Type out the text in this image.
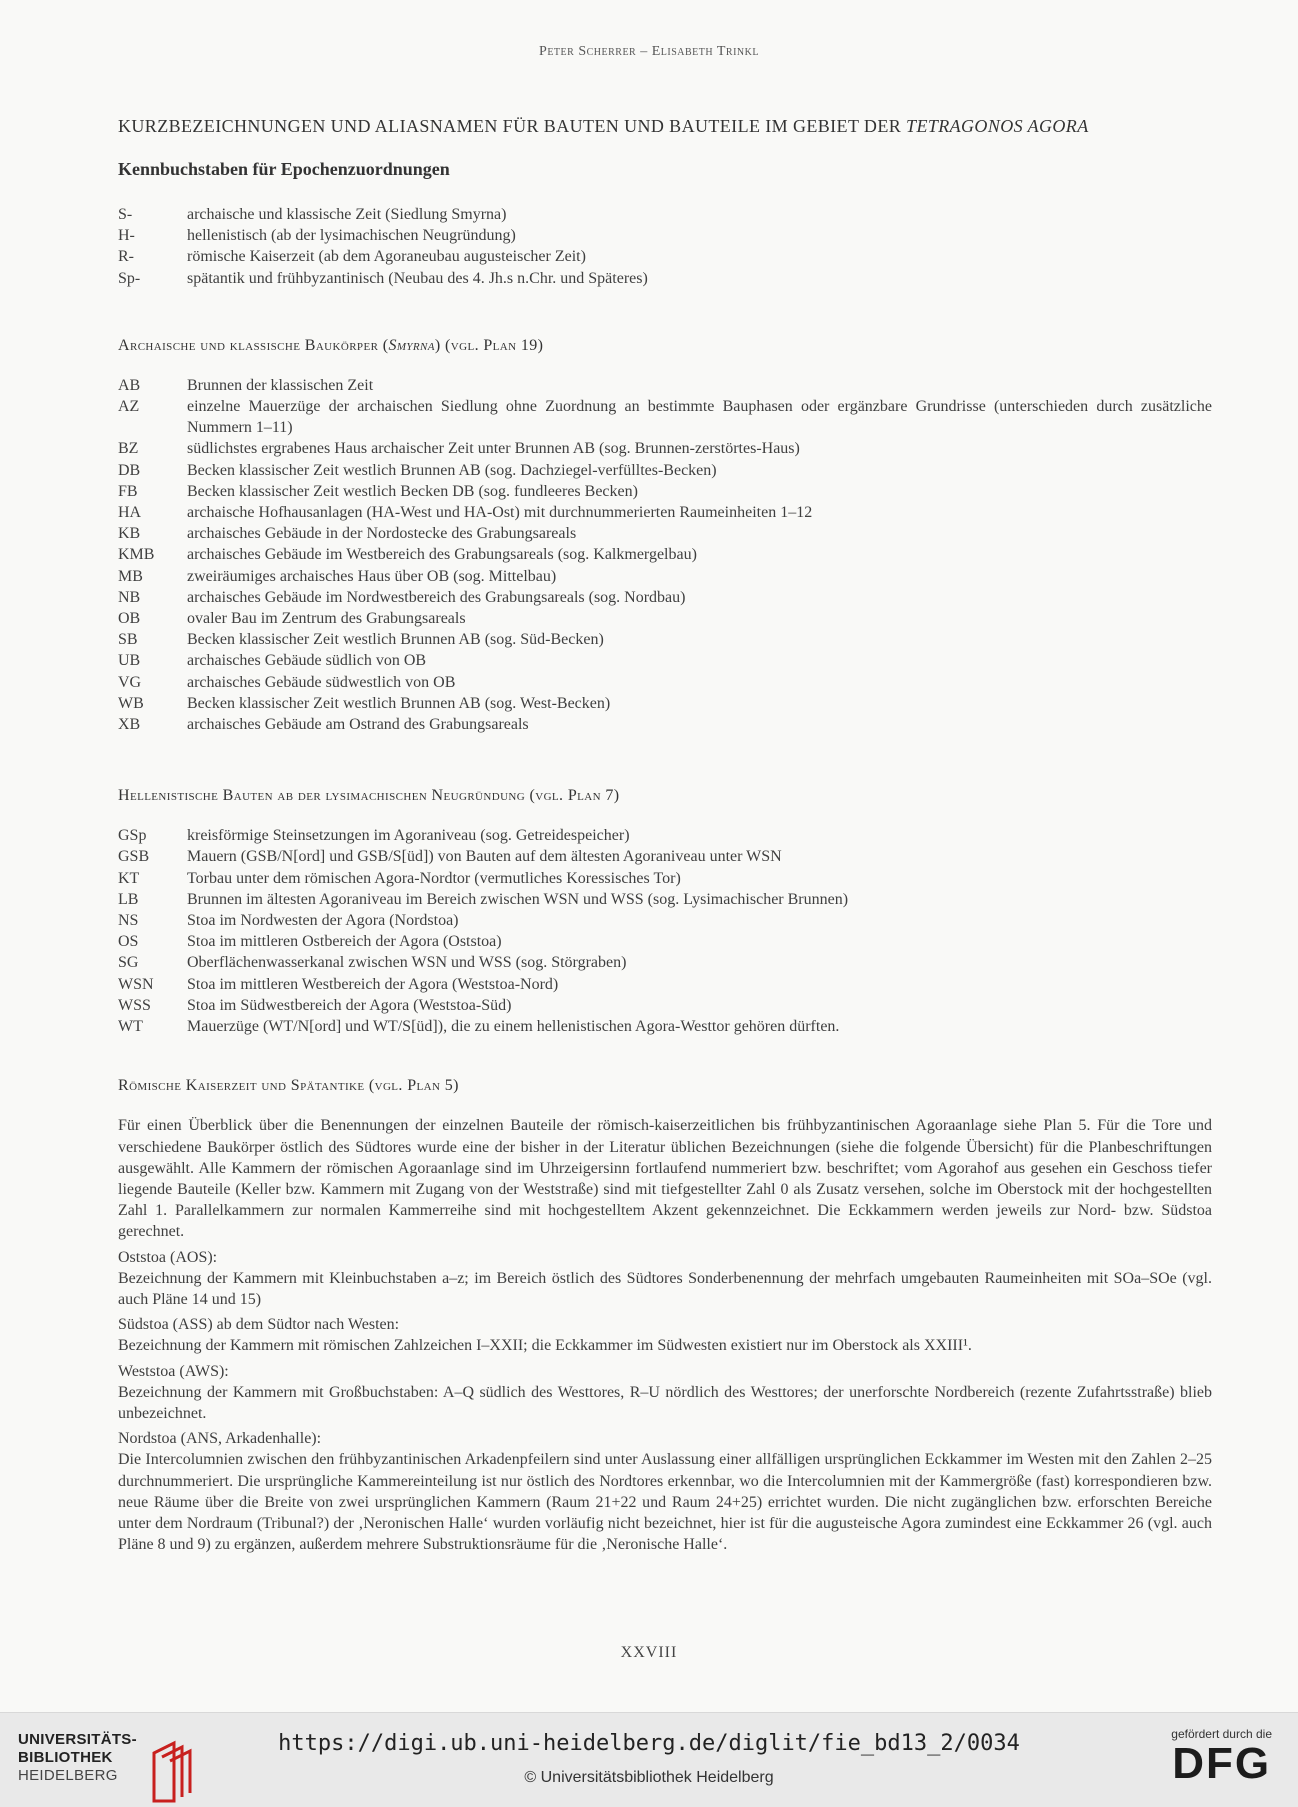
Peter Scherrer – Elisabeth Trinkl
KURZBEZEICHNUNGEN UND ALIASNAMEN FÜR BAUTEN UND BAUTEILE IM GEBIET DER TETRAGONOS AGORA
Kennbuchstaben für Epochenzuordnungen
S-	archaische und klassische Zeit (Siedlung Smyrna)
H-	hellenistisch (ab der lysimachischen Neugründung)
R-	römische Kaiserzeit (ab dem Agoraneubau augusteischer Zeit)
Sp-	spätantik und frühbyzantinisch (Neubau des 4. Jh.s n.Chr. und Späteres)
Archaische und klassische Baukörper (Smyrna) (vgl. Plan 19)
AB	Brunnen der klassischen Zeit
AZ	einzelne Mauerzüge der archaischen Siedlung ohne Zuordnung an bestimmte Bauphasen oder ergänzbare Grundrisse (unterschieden durch zusätzliche Nummern 1–11)
BZ	südlichstes ergrabenes Haus archaischer Zeit unter Brunnen AB (sog. Brunnen-zerstörtes-Haus)
DB	Becken klassischer Zeit westlich Brunnen AB (sog. Dachziegel-verfülltes-Becken)
FB	Becken klassischer Zeit westlich Becken DB (sog. fundleeres Becken)
HA	archaische Hofhausanlagen (HA-West und HA-Ost) mit durchnummerierten Raumeinheiten 1–12
KB	archaisches Gebäude in der Nordostecke des Grabungsareals
KMB	archaisches Gebäude im Westbereich des Grabungsareals (sog. Kalkmergelbau)
MB	zweiräumiges archaisches Haus über OB (sog. Mittelbau)
NB	archaisches Gebäude im Nordwestbereich des Grabungsareals (sog. Nordbau)
OB	ovaler Bau im Zentrum des Grabungsareals
SB	Becken klassischer Zeit westlich Brunnen AB (sog. Süd-Becken)
UB	archaisches Gebäude südlich von OB
VG	archaisches Gebäude südwestlich von OB
WB	Becken klassischer Zeit westlich Brunnen AB (sog. West-Becken)
XB	archaisches Gebäude am Ostrand des Grabungsareals
Hellenistische Bauten ab der lysimachischen Neugründung (vgl. Plan 7)
GSp	kreisförmige Steinsetzungen im Agoraniveau (sog. Getreidespeicher)
GSB	Mauern (GSB/N[ord] und GSB/S[üd]) von Bauten auf dem ältesten Agoraniveau unter WSN
KT	Torbau unter dem römischen Agora-Nordtor (vermutliches Koressisches Tor)
LB	Brunnen im ältesten Agoraniveau im Bereich zwischen WSN und WSS (sog. Lysimachischer Brunnen)
NS	Stoa im Nordwesten der Agora (Nordstoa)
OS	Stoa im mittleren Ostbereich der Agora (Oststoa)
SG	Oberflächenwasserkanal zwischen WSN und WSS (sog. Störgraben)
WSN	Stoa im mittleren Westbereich der Agora (Weststoa-Nord)
WSS	Stoa im Südwestbereich der Agora (Weststoa-Süd)
WT	Mauerzüge (WT/N[ord] und WT/S[üd]), die zu einem hellenistischen Agora-Westtor gehören dürften.
Römische Kaiserzeit und Spätantike (vgl. Plan 5)

Für einen Überblick über die Benennungen der einzelnen Bauteile der römisch-kaiserzeitlichen bis frühbyzantinischen Agoraanlage siehe Plan 5. Für die Tore und verschiedene Baukörper östlich des Südtores wurde eine der bisher in der Literatur üblichen Bezeichnungen (siehe die folgende Übersicht) für die Planbeschriftungen ausgewählt. Alle Kammern der römischen Agoraanlage sind im Uhrzeigersinn fortlaufend nummeriert bzw. beschriftet; vom Agorahof aus gesehen ein Geschoss tiefer liegende Bauteile (Keller bzw. Kammern mit Zugang von der Weststraße) sind mit tiefgestellter Zahl 0 als Zusatz versehen, solche im Oberstock mit der hochgestellten Zahl 1. Parallelkammern zur normalen Kammerreihe sind mit hochgestelltem Akzent gekennzeichnet. Die Eckkammern werden jeweils zur Nord- bzw. Südstoa gerechnet.

Oststoa (AOS):

Bezeichnung der Kammern mit Kleinbuchstaben a–z; im Bereich östlich des Südtores Sonderbenennung der mehrfach umgebauten Raumeinheiten mit SOa–SOe (vgl. auch Pläne 14 und 15)

Südstoa (ASS) ab dem Südtor nach Westen:

Bezeichnung der Kammern mit römischen Zahlzeichen I–XXII; die Eckkammer im Südwesten existiert nur im Oberstock als XXIII¹.

Weststoa (AWS):

Bezeichnung der Kammern mit Großbuchstaben: A–Q südlich des Westtores, R–U nördlich des Westtores; der unerforschte Nordbereich (rezente Zufahrtsstraße) blieb unbezeichnet.

Nordstoa (ANS, Arkadenhalle):

Die Intercolumnien zwischen den frühbyzantinischen Arkadenpfeilern sind unter Auslassung einer allfälligen ursprünglichen Eckkammer im Westen mit den Zahlen 2–25 durchnummeriert. Die ursprüngliche Kammereinteilung ist nur östlich des Nordtores erkennbar, wo die Intercolumnien mit der Kammergröße (fast) korrespondieren bzw. neue Räume über die Breite von zwei ursprünglichen Kammern (Raum 21+22 und Raum 24+25) errichtet wurden. Die nicht zugänglichen bzw. erforschten Bereiche unter dem Nordraum (Tribunal?) der ‚Neronischen Halle‘ wurden vorläufig nicht bezeichnet, hier ist für die augusteische Agora zumindest eine Eckkammer 26 (vgl. auch Pläne 8 und 9) zu ergänzen, außerdem mehrere Substruktionsräume für die ‚Neronische Halle‘.

XXVIII
UNIVERSITÄTS-
BIBLIOTHEK
HEIDELBERG
https://digi.ub.uni-heidelberg.de/diglit/fie_bd13_2/0034
© Universitätsbibliothek Heidelberg
gefördert durch die
DFG
